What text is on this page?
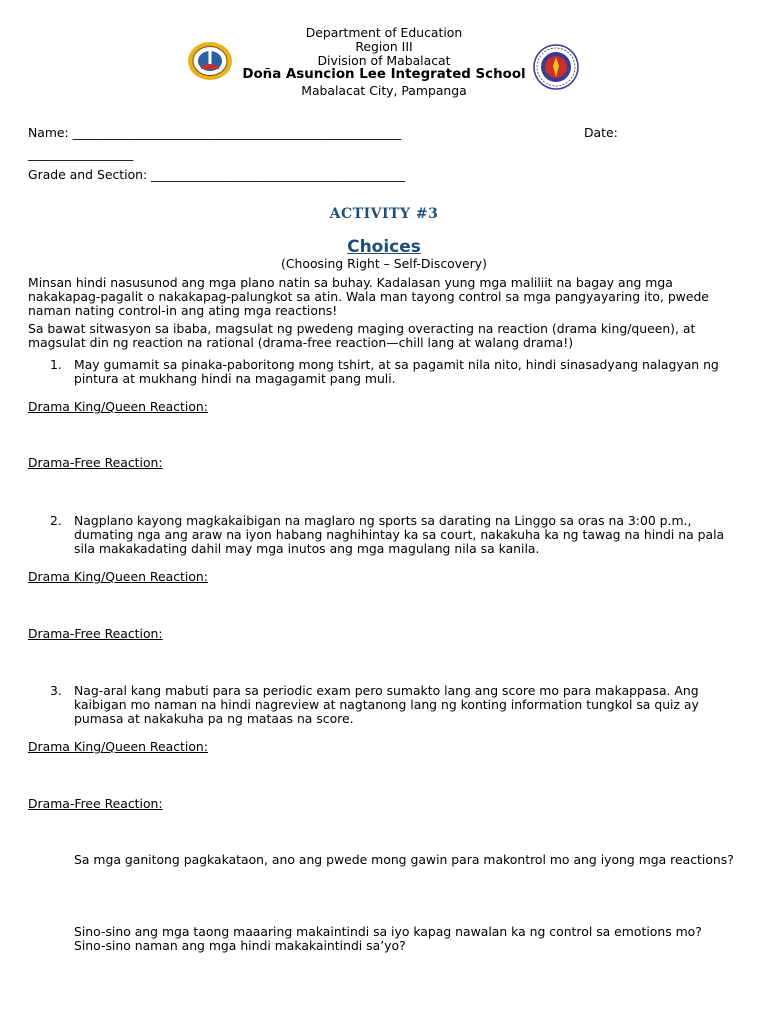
Department of Education
Region III
Division of Mabalacat
Doña Asuncion Lee Integrated School
Mabalacat City, Pampanga
Name: _____________________________________________________	Date:
_________________
Grade and Section: _________________________________________
ACTIVITY #3
Choices
(Choosing Right – Self-Discovery)
Minsan hindi nasusunod ang mga plano natin sa buhay. Kadalasan yung mga maliliit na bagay ang mga nakakapag-pagalit o nakakapag-palungkot sa atin. Wala man tayong control sa mga pangyayaring ito, pwede naman nating control-in ang ating mga reactions!
Sa bawat sitwasyon sa ibaba, magsulat ng pwedeng maging overacting na reaction (drama king/queen), at magsulat din ng reaction na rational (drama-free reaction—chill lang at walang drama!)
1. May gumamit sa pinaka-paboritong mong tshirt, at sa pagamit nila nito, hindi sinasadyang nalagyan ng pintura at mukhang hindi na magagamit pang muli.
Drama King/Queen Reaction:
Drama-Free Reaction:
2. Nagplano kayong magkakaibigan na maglaro ng sports sa darating na Linggo sa oras na 3:00 p.m., dumating nga ang araw na iyon habang naghihintay ka sa court, nakakuha ka ng tawag na hindi na pala sila makakadating dahil may mga inutos ang mga magulang nila sa kanila.
Drama King/Queen Reaction:
Drama-Free Reaction:
3. Nag-aral kang mabuti para sa periodic exam pero sumakto lang ang score mo para makappasa. Ang kaibigan mo naman na hindi nagreview at nagtanong lang ng konting information tungkol sa quiz ay pumasa at nakakuha pa ng mataas na score.
Drama King/Queen Reaction:
Drama-Free Reaction:
Sa mga ganitong pagkakataon, ano ang pwede mong gawin para makontrol mo ang iyong mga reactions?
Sino-sino ang mga taong maaaring makaintindi sa iyo kapag nawalan ka ng control sa emotions mo? Sino-sino naman ang mga hindi makakaintindi sa’yo?
